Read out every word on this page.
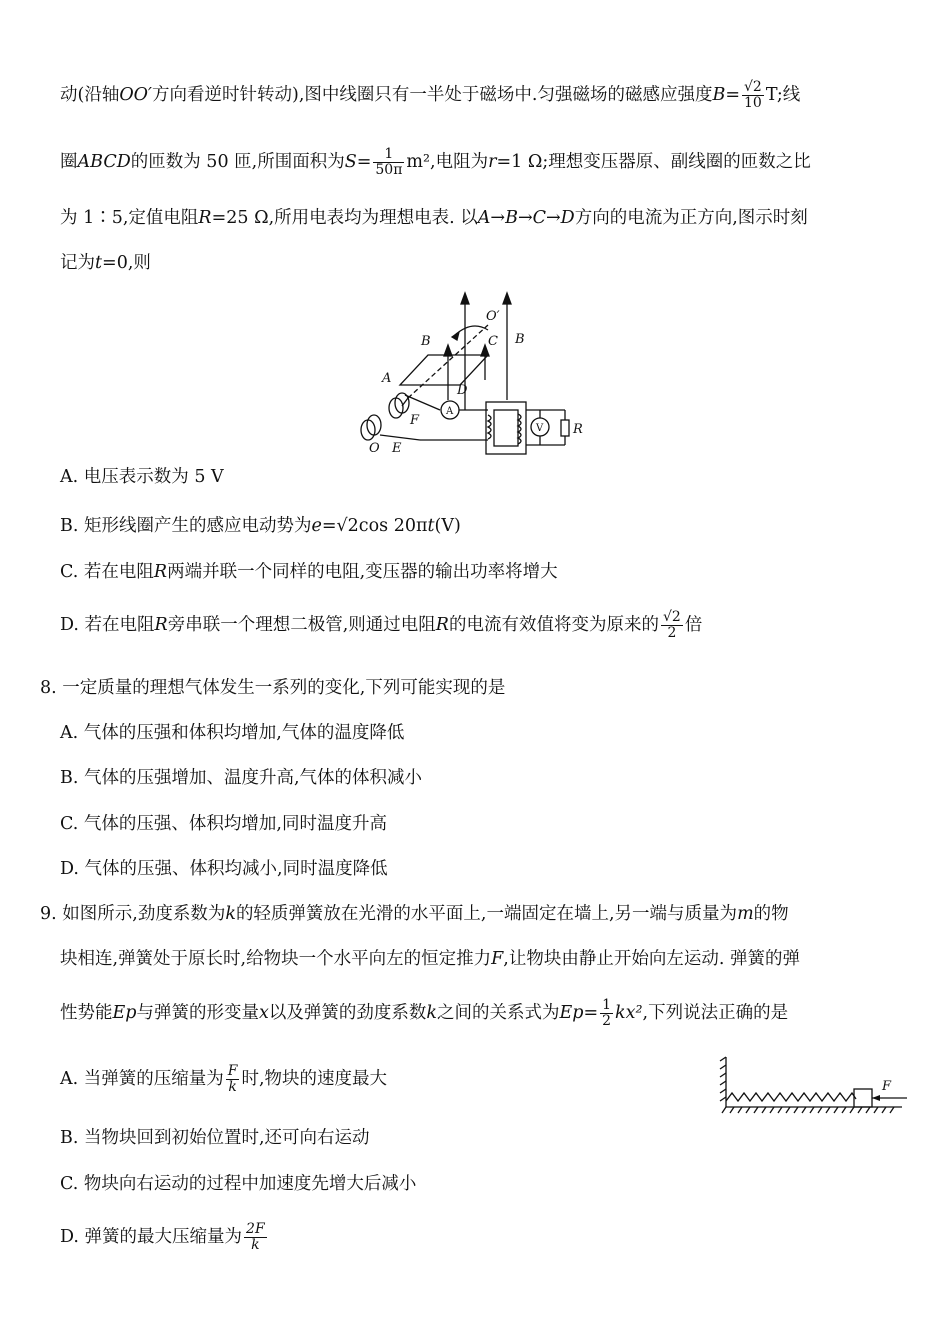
动(沿轴OO′方向看逆时针转动),图中线圈只有一半处于磁场中.匀强磁场的磁感应强度$B= \frac{√2}{10} T$;线
圈ABCD的匝数为 50 匝,所围面积为$S= \frac{1}{50\pi} m^2$,电阻为r=1 Ω;理想变压器原、副线圈的匝数之比
为 1∶5,定值电阻R=25 Ω,所用电表均为理想电表. 以A→B→C→D方向的电流为正方向,图示时刻
记为t=0,则
B	C
O′
B
A
D
F
O E
A
V R
A. 电压表示数为 5 V
B. 矩形线圈产生的感应电动势为e=√2cos 20πt(V)
C. 若在电阻R两端并联一个同样的电阻,变压器的输出功率将增大
D. 若在电阻R旁串联一个理想二极管,则通过电阻R的电流有效值将变为原来的 $\frac{√2}{2}$ 倍
8. 一定质量的理想气体发生一系列的变化,下列可能实现的是
A. 气体的压强和体积均增加,气体的温度降低
B. 气体的压强增加、温度升高,气体的体积减小
C. 气体的压强、体积均增加,同时温度升高
D. 气体的压强、体积均减小,同时温度降低
9. 如图所示,劲度系数为k的轻质弹簧放在光滑的水平面上,一端固定在墙上,另一端与质量为m的物
块相连,弹簧处于原长时,给物块一个水平向左的恒定推力F,让物块由静止开始向左运动. 弹簧的弹
性势能Ep与弹簧的形变量x以及弹簧的劲度系数k之间的关系式为$Ep= \frac{1}{2} kx^2$,下列说法正确的是
A. 当弹簧的压缩量为 $\frac{F}{k}$ 时,物块的速度最大
B. 当物块回到初始位置时,还可向右运动
C. 物块向右运动的过程中加速度先增大后减小
D. 弹簧的最大压缩量为 $\frac{2F}{k}$
F
